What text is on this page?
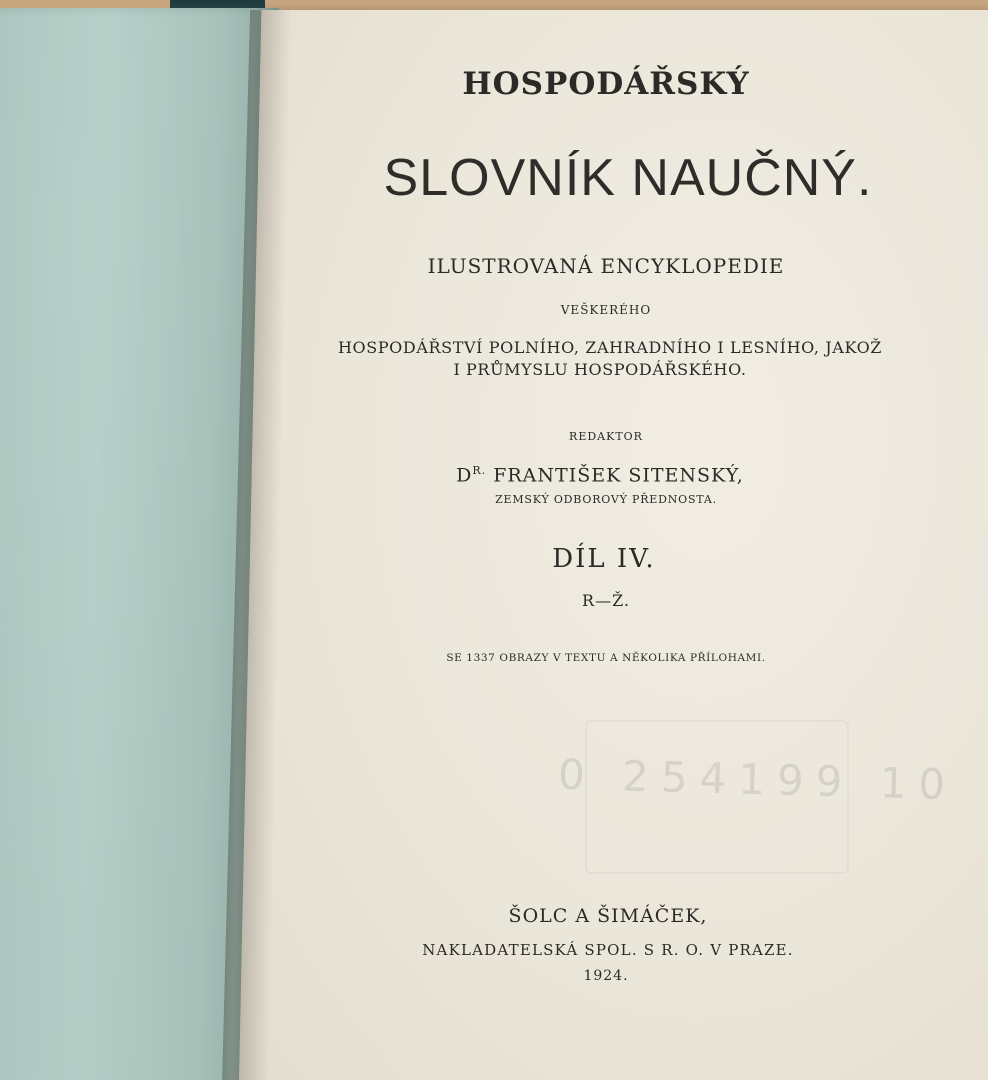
0 254199 10
HOSPODÁŘSKÝ
SLOVNÍK NAUČNÝ.
ILUSTROVANÁ ENCYKLOPEDIE
VEŠKERÉHO
HOSPODÁŘSTVÍ POLNÍHO, ZAHRADNÍHO I LESNÍHO, JAKOŽ
I PRŮMYSLU HOSPODÁŘSKÉHO.
REDAKTOR
$D^{R.}$ FRANTIŠEK SITENSKÝ,
ZEMSKÝ ODBOROVÝ PŘEDNOSTA.
DÍL IV.
R—Ž.
SE 1337 OBRAZY V TEXTU A NĚKOLIKA PŘÍLOHAMI.
ŠOLC A ŠIMÁČEK,
NAKLADATELSKÁ SPOL. S R. O. V PRAZE.
1924.
